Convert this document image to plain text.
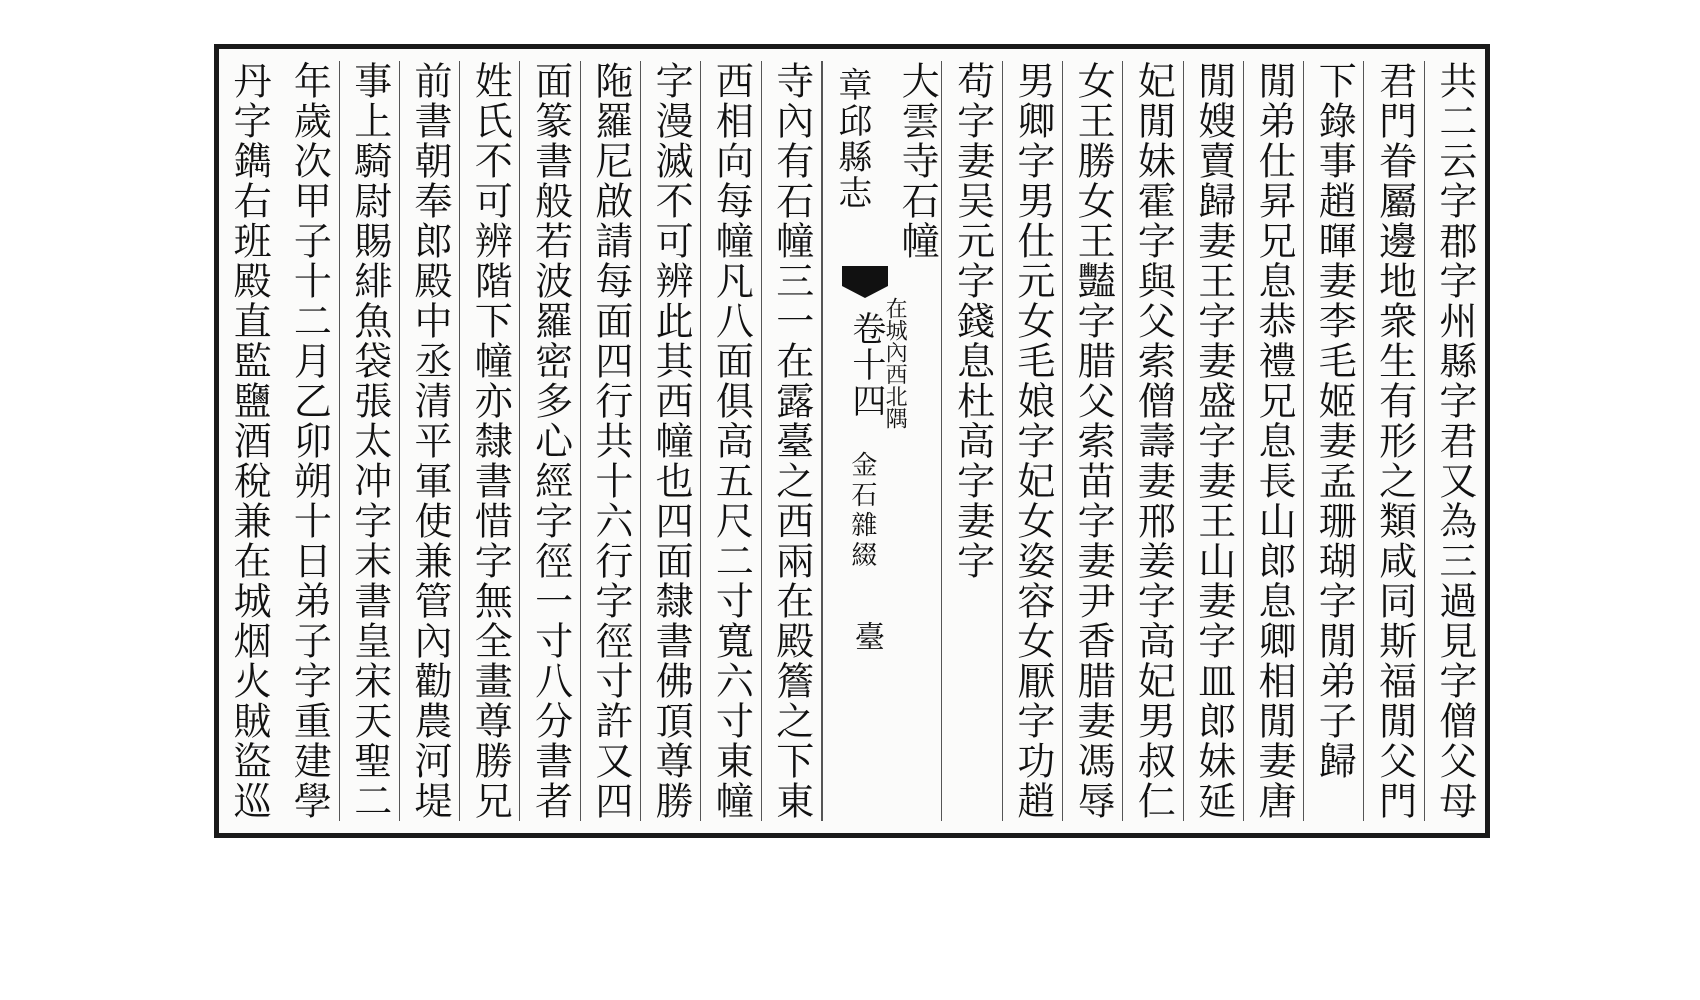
共二云字郡字州縣字君又為三過見字僧父母
君門眷屬邊地衆生有形之類咸同斯福閒父門
下錄事趙暉妻李毛姬妻孟珊瑚字閒弟子歸
閒弟仕昇兄息恭禮兄息長山郎息卿相閒妻唐
閒嫂賣歸妻王字妻盛字妻王山妻字皿郎妹延
妃閒妹霍字與父索僧壽妻邢姜字高妃男叔仁
女王勝女王豔字腊父索苗字妻尹香腊妻馮辱
男卿字男仕元女毛娘字妃女姿容女厭字功趙
苟字妻吴元字錢息杜高字妻字
大雲寺石幢
在城內西北隅
章邱縣志
卷十四
金石雜綴
臺
寺內有石幢三一在露臺之西兩在殿簷之下東
西相向每幢凡八面俱高五尺二寸寬六寸東幢
字漫滅不可辨此其西幢也四面隸書佛頂尊勝
陁羅尼啟請每面四行共十六行字徑寸許又四
面篆書般若波羅密多心經字徑一寸八分書者
姓氏不可辨階下幢亦隸書惜字無全畫尊勝兄
前書朝奉郎殿中丞清平軍使兼管內勸農河堤
事上騎尉賜緋魚袋張太冲字末書皇宋天聖二
年歲次甲子十二月乙卯朔十日弟子字重建學
丹字鐫右班殿直監鹽酒稅兼在城烟火賊盜巡
